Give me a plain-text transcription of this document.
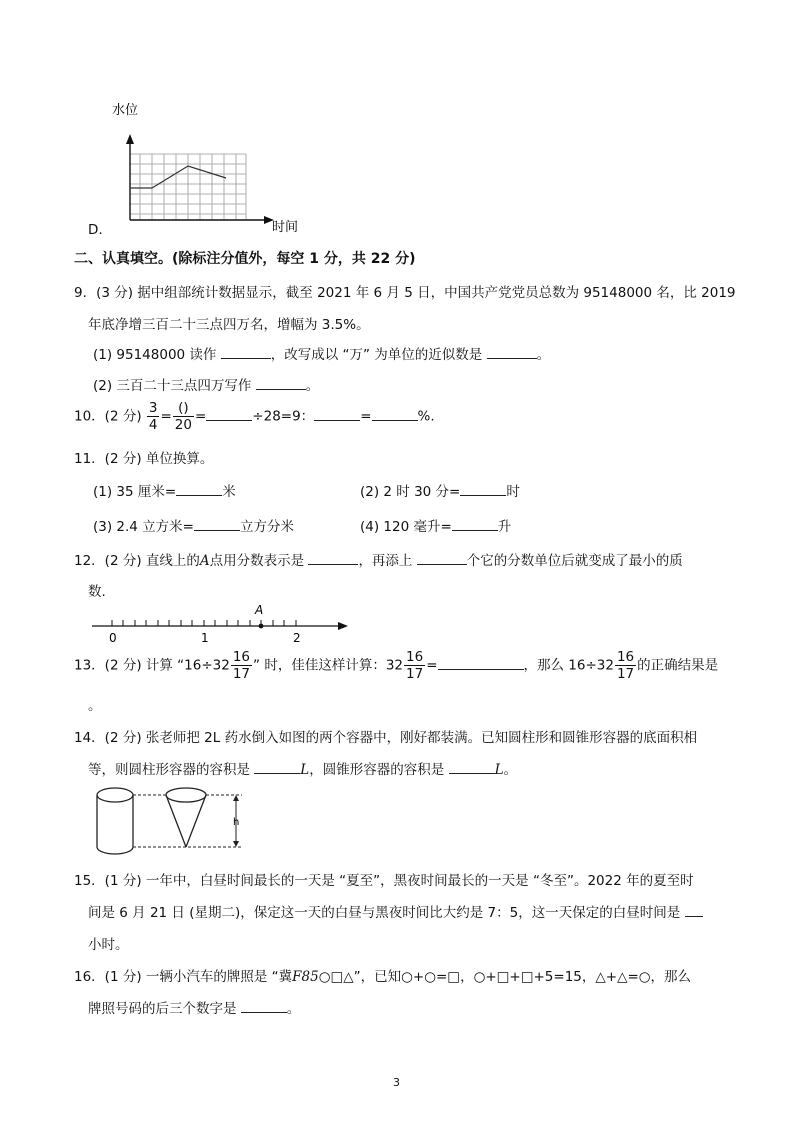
水位
时间
D.
二、认真填空。(除标注分值外，每空 1 分，共 22 分)
9．(3 分) 据中组部统计数据显示，截至 2021 年 6 月 5 日，中国共产党党员总数为 95148000 名，比 2019
年底净增三百二十三点四万名，增幅为 3.5%。
(1) 95148000 读作	，改写成以 “万” 为单位的近似数是	。
(2) 三百二十三点四万写作	。
10．(2 分) $\frac{3}{4} = \frac{()}{20}$ =	÷28=9：	=	%.
11．(2 分) 单位换算。
(1) 35 厘米=	米	(2) 2 时 30 分=	时
(3) 2.4 立方米=	立方分米	(4) 120 毫升=	升
12．(2 分) 直线上的A点用分数表示是	，再添上	个它的分数单位后就变成了最小的质
数.
A
0	1	2
13．(2 分) 计算 “$16\div 32 \frac{16}{17}$ ” 时，佳佳这样计算：$32 \frac{16}{17}$ =	，那么 $16\div 32 \frac{16}{17}$ 的正确结果是
。
14．(2 分) 张老师把 2L 药水倒入如图的两个容器中，刚好都装满。已知圆柱形和圆锥形容器的底面积相
等，则圆柱形容器的容积是	L，圆锥形容器的容积是	L。
h
15．(1 分) 一年中，白昼时间最长的一天是 “夏至”，黑夜时间最长的一天是 “冬至”。2022 年的夏至时
间是 6 月 21 日 (星期二)，保定这一天的白昼与黑夜时间比大约是 7：5，这一天保定的白昼时间是
小时。
16．(1 分) 一辆小汽车的牌照是 “冀F85○□△”，已知○+○=□，○+□+□+5=15，△+△=○，那么
牌照号码的后三个数字是	。
3
